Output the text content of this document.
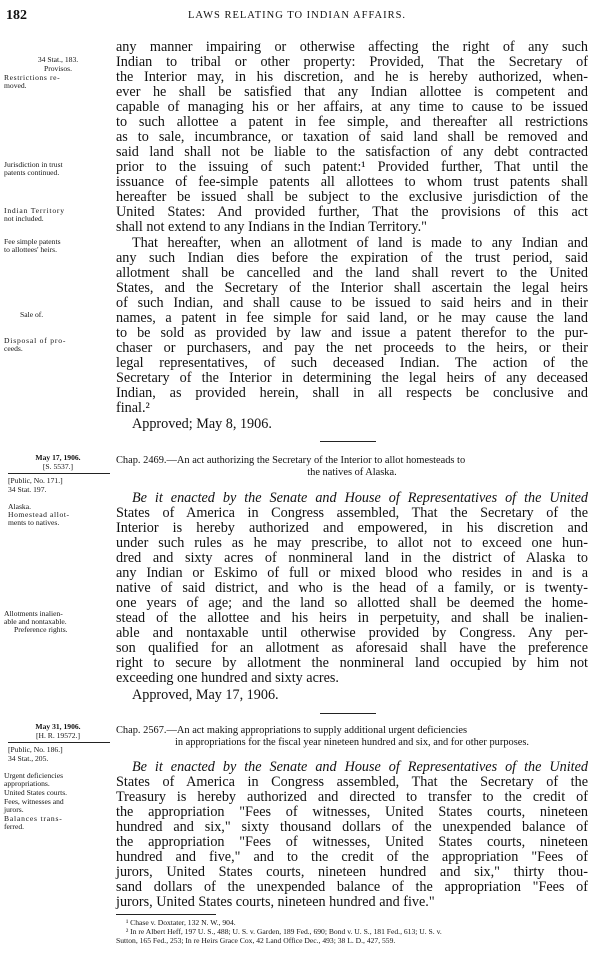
182	LAWS RELATING TO INDIAN AFFAIRS.
34 Stat., 183.
Provisos.
Restrictions re-
moved.
Jurisdiction in trust
patents continued.
Indian Territory
not included.
Fee simple patents
to allottees' heirs.
Sale of.
Disposal of pro-
ceeds.
any manner impairing or otherwise affecting the right of any such
Indian to tribal or other property: Provided, That the Secretary of
the Interior may, in his discretion, and he is hereby authorized, when-
ever he shall be satisfied that any Indian allottee is competent and
capable of managing his or her affairs, at any time to cause to be issued
to such allottee a patent in fee simple, and thereafter all restrictions
as to sale, incumbrance, or taxation of said land shall be removed and
said land shall not be liable to the satisfaction of any debt contracted
prior to the issuing of such patent:¹ Provided further, That until the
issuance of fee-simple patents all allottees to whom trust patents shall
hereafter be issued shall be subject to the exclusive jurisdiction of the
United States: And provided further, That the provisions of this act
shall not extend to any Indians in the Indian Territory."
That hereafter, when an allotment of land is made to any Indian and
any such Indian dies before the expiration of the trust period, said
allotment shall be cancelled and the land shall revert to the United
States, and the Secretary of the Interior shall ascertain the legal heirs
of such Indian, and shall cause to be issued to said heirs and in their
names, a patent in fee simple for said land, or he may cause the land
to be sold as provided by law and issue a patent therefor to the pur-
chaser or purchasers, and pay the net proceeds to the heirs, or their
legal representatives, of such deceased Indian. The action of the
Secretary of the Interior in determining the legal heirs of any deceased
Indian, as provided herein, shall in all respects be conclusive and
final.²
Approved; May 8, 1906.
May 17, 1906.
[S. 5537.]
[Public, No. 171.]
34 Stat. 197.
Alaska.
Homestead allot-
ments to natives.
Allotments inalien-
able and nontaxable.
Preference rights.
Chap. 2469.—An act authorizing the Secretary of the Interior to allot homesteads to
the natives of Alaska.
Be it enacted by the Senate and House of Representatives of the United
States of America in Congress assembled, That the Secretary of the
Interior is hereby authorized and empowered, in his discretion and
under such rules as he may prescribe, to allot not to exceed one hun-
dred and sixty acres of nonmineral land in the district of Alaska to
any Indian or Eskimo of full or mixed blood who resides in and is a
native of said district, and who is the head of a family, or is twenty-
one years of age; and the land so allotted shall be deemed the home-
stead of the allottee and his heirs in perpetuity, and shall be inalien-
able and nontaxable until otherwise provided by Congress. Any per-
son qualified for an allotment as aforesaid shall have the preference
right to secure by allotment the nonmineral land occupied by him not
exceeding one hundred and sixty acres.
Approved, May 17, 1906.
May 31, 1906.
[H. R. 19572.]
[Public, No. 186.]
34 Stat., 205.
Urgent deficiencies
appropriations.
United States courts.
Fees, witnesses and
jurors.
Balances trans-
ferred.
Chap. 2567.—An act making appropriations to supply additional urgent deficiencies
in appropriations for the fiscal year nineteen hundred and six, and for other purposes.
Be it enacted by the Senate and House of Representatives of the United
States of America in Congress assembled, That the Secretary of the
Treasury is hereby authorized and directed to transfer to the credit of
the appropriation "Fees of witnesses, United States courts, nineteen
hundred and six," sixty thousand dollars of the unexpended balance of
the appropriation "Fees of witnesses, United States courts, nineteen
hundred and five," and to the credit of the appropriation "Fees of
jurors, United States courts, nineteen hundred and six," thirty thou-
sand dollars of the unexpended balance of the appropriation "Fees of
jurors, United States courts, nineteen hundred and five."
¹ Chase v. Doxtater, 132 N. W., 904.
² In re Albert Heff, 197 U. S., 488; U. S. v. Garden, 189 Fed., 690; Bond v. U. S., 181 Fed., 613; U. S. v.
Sutton, 165 Fed., 253; In re Heirs Grace Cox, 42 Land Office Dec., 493; 38 L. D., 427, 559.
